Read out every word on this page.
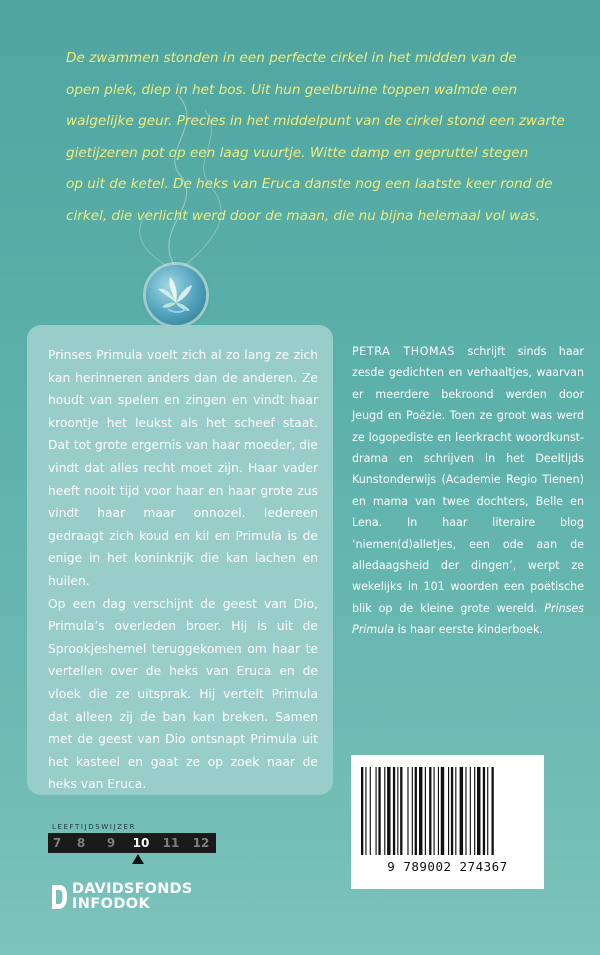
De zwammen stonden in een perfecte cirkel in het midden van de
open plek, diep in het bos. Uit hun geelbruine toppen walmde een
walgelijke geur. Precies in het middelpunt van de cirkel stond een zwarte
gietijzeren pot op een laag vuurtje. Witte damp en gepruttel stegen
op uit de ketel. De heks van Eruca danste nog een laatste keer rond de
cirkel, die verlicht werd door de maan, die nu bijna helemaal vol was.

Prinses Primula voelt zich al zo lang ze zich kan herinneren anders dan de anderen. Ze houdt van spelen en zingen en vindt haar kroontje het leukst als het scheef staat. Dat tot grote ergernis van haar moeder, die vindt dat alles recht moet zijn. Haar vader heeft nooit tijd voor haar en haar grote zus vindt haar maar onnozel. Iedereen gedraagt zich koud en kil en Primula is de enige in het koninkrijk die kan lachen en huilen.

Op een dag verschijnt de geest van Dio, Primula’s overleden broer. Hij is uit de Sprookjeshemel teruggekomen om haar te vertellen over de heks van Eruca en de vloek die ze uitsprak. Hij vertelt Primula dat alleen zij de ban kan breken. Samen met de geest van Dio ontsnapt Primula uit het kasteel en gaat ze op zoek naar de heks van Eruca.

PETRA THOMAS schrijft sinds haar zesde gedichten en verhaaltjes, waarvan er meerdere bekroond werden door Jeugd en Poëzie. Toen ze groot was werd ze logopediste en leerkracht woordkunst-drama en schrijven in het Deeltijds Kunstonderwijs (Academie Regio Tienen) en mama van twee dochters, Belle en Lena. In haar literaire blog ‘niemen(d)alletjes, een ode aan de alledaagsheid der dingen’, werpt ze wekelijks in 101 woorden een poëtische blik op de kleine grote wereld. Prinses Primula is haar eerste kinderboek.
9 789002 274367
LEEFTIJDSWIJZER
7	8	9	10	11	12
DAVIDSFONDS
INFODOK
